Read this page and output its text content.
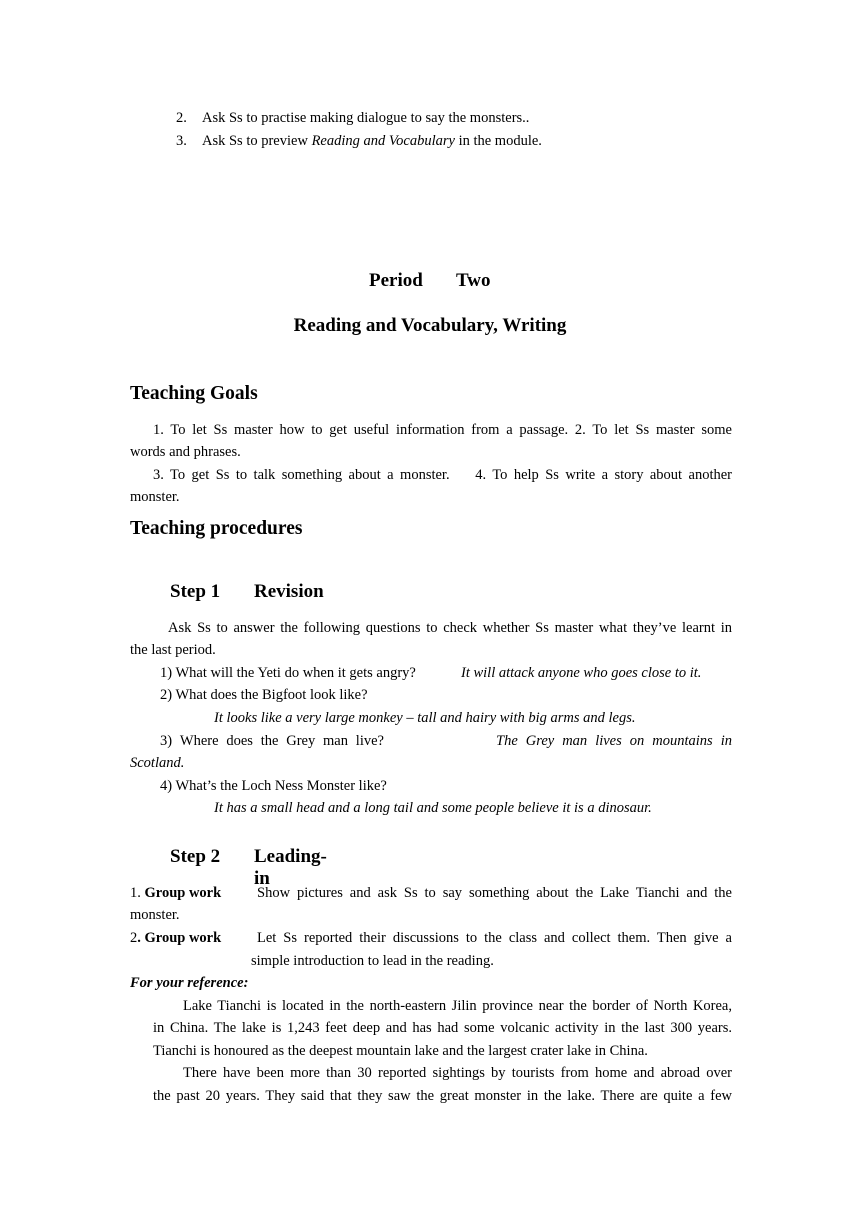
2. Ask Ss to practise making dialogue to say the monsters..
3. Ask Ss to preview Reading and Vocabulary in the module.
Period Two
Reading and Vocabulary, Writing
Teaching Goals
1. To let Ss master how to get useful information from a passage. 2. To let Ss master some
words and phrases.
3. To get Ss to talk something about a monster.    4. To help Ss write a story about another
monster.
Teaching procedures
Step 1 Revision
Ask Ss to answer the following questions to check whether Ss master what they’ve learnt in
the last period.
1) What will the Yeti do when it gets angry?	It will attack anyone who goes close to it.
2) What does the Bigfoot look like?
It looks like a very large monkey – tall and hairy with big arms and legs.
3) Where does the Grey man live?	The Grey man lives on mountains in
Scotland.
4) What’s the Loch Ness Monster like?
It has a small head and a long tail and some people believe it is a dinosaur.
Step 2 Leading-in
1. Group work Show pictures and ask Ss to say something about the Lake Tianchi and the
monster.
2. Group work Let Ss reported their discussions to the class and collect them. Then give a
simple introduction to lead in the reading.
For your reference:
Lake Tianchi is located in the north-eastern Jilin province near the border of North Korea,
in China. The lake is 1,243 feet deep and has had some volcanic activity in the last 300 years.
Tianchi is honoured as the deepest mountain lake and the largest crater lake in China.
There have been more than 30 reported sightings by tourists from home and abroad over
the past 20 years. They said that they saw the great monster in the lake. There are quite a few
